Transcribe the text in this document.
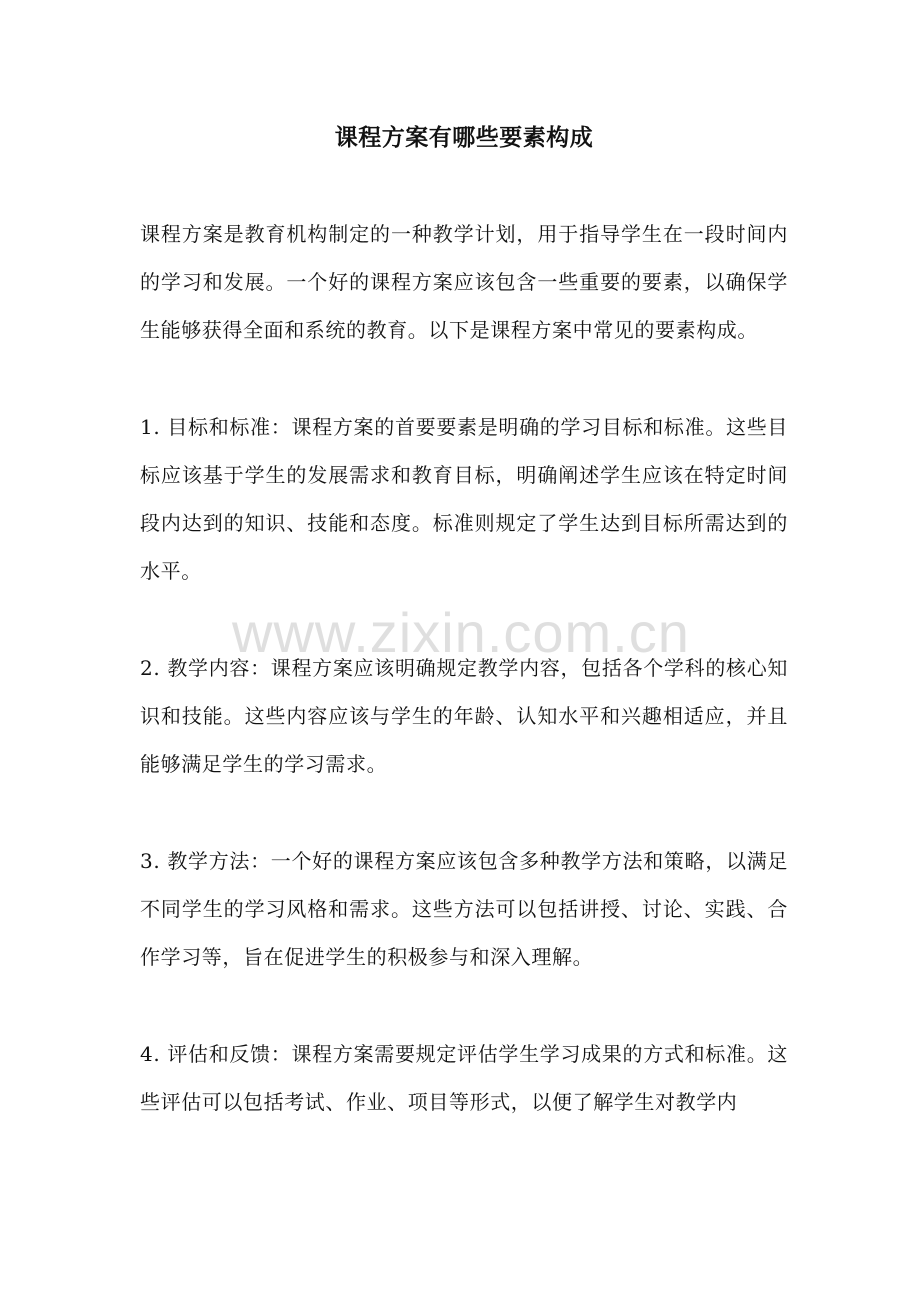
课程方案有哪些要素构成

课程方案是教育机构制定的一种教学计划，用于指导学生在一段时间内的学习和发展。一个好的课程方案应该包含一些重要的要素，以确保学生能够获得全面和系统的教育。以下是课程方案中常见的要素构成。

1. 目标和标准：课程方案的首要要素是明确的学习目标和标准。这些目标应该基于学生的发展需求和教育目标，明确阐述学生应该在特定时间段内达到的知识、技能和态度。标准则规定了学生达到目标所需达到的水平。

2. 教学内容：课程方案应该明确规定教学内容，包括各个学科的核心知识和技能。这些内容应该与学生的年龄、认知水平和兴趣相适应，并且能够满足学生的学习需求。

3. 教学方法：一个好的课程方案应该包含多种教学方法和策略，以满足不同学生的学习风格和需求。这些方法可以包括讲授、讨论、实践、合作学习等，旨在促进学生的积极参与和深入理解。

4. 评估和反馈：课程方案需要规定评估学生学习成果的方式和标准。这些评估可以包括考试、作业、项目等形式，以便了解学生对教学内

www.zixin.com.cn
